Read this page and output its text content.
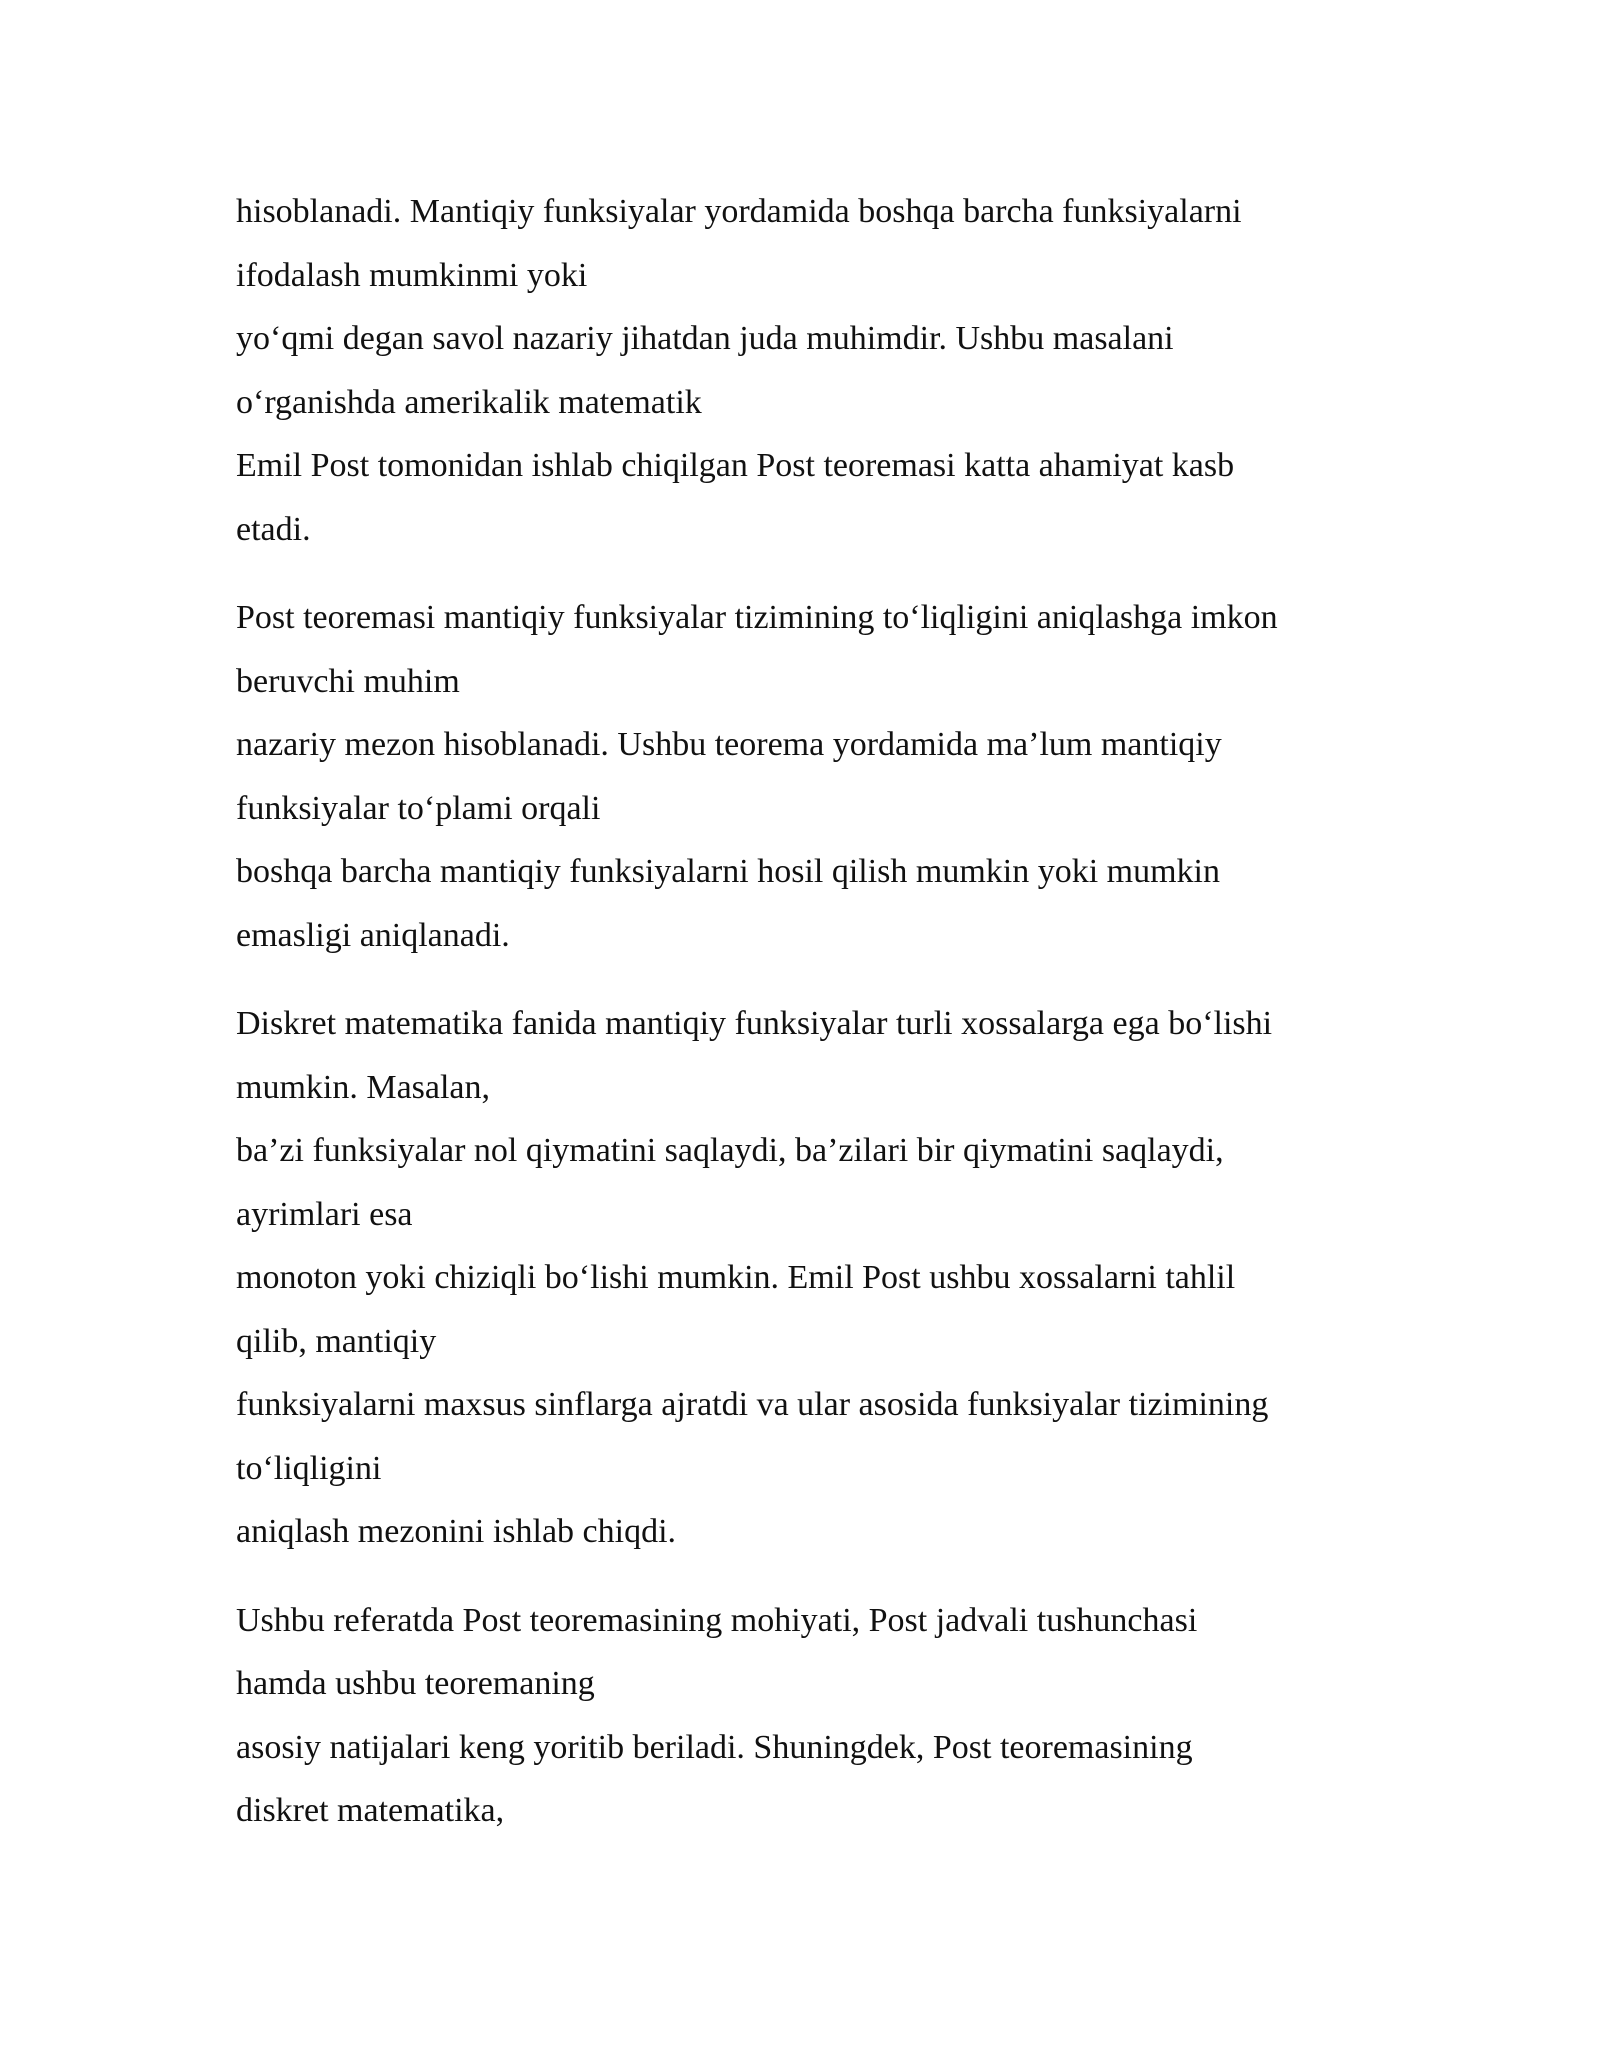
hisoblanadi. Mantiqiy funksiyalar yordamida boshqa barcha funksiyalarni
ifodalash mumkinmi yoki
yo‘qmi degan savol nazariy jihatdan juda muhimdir. Ushbu masalani
o‘rganishda amerikalik matematik
Emil Post tomonidan ishlab chiqilgan Post teoremasi katta ahamiyat kasb
etadi.

Post teoremasi mantiqiy funksiyalar tizimining to‘liqligini aniqlashga imkon
beruvchi muhim
nazariy mezon hisoblanadi. Ushbu teorema yordamida ma’lum mantiqiy
funksiyalar to‘plami orqali
boshqa barcha mantiqiy funksiyalarni hosil qilish mumkin yoki mumkin
emasligi aniqlanadi.

Diskret matematika fanida mantiqiy funksiyalar turli xossalarga ega bo‘lishi
mumkin. Masalan,
ba’zi funksiyalar nol qiymatini saqlaydi, ba’zilari bir qiymatini saqlaydi,
ayrimlari esa
monoton yoki chiziqli bo‘lishi mumkin. Emil Post ushbu xossalarni tahlil
qilib, mantiqiy
funksiyalarni maxsus sinflarga ajratdi va ular asosida funksiyalar tizimining
to‘liqligini
aniqlash mezonini ishlab chiqdi.

Ushbu referatda Post teoremasining mohiyati, Post jadvali tushunchasi
hamda ushbu teoremaning
asosiy natijalari keng yoritib beriladi. Shuningdek, Post teoremasining
diskret matematika,
